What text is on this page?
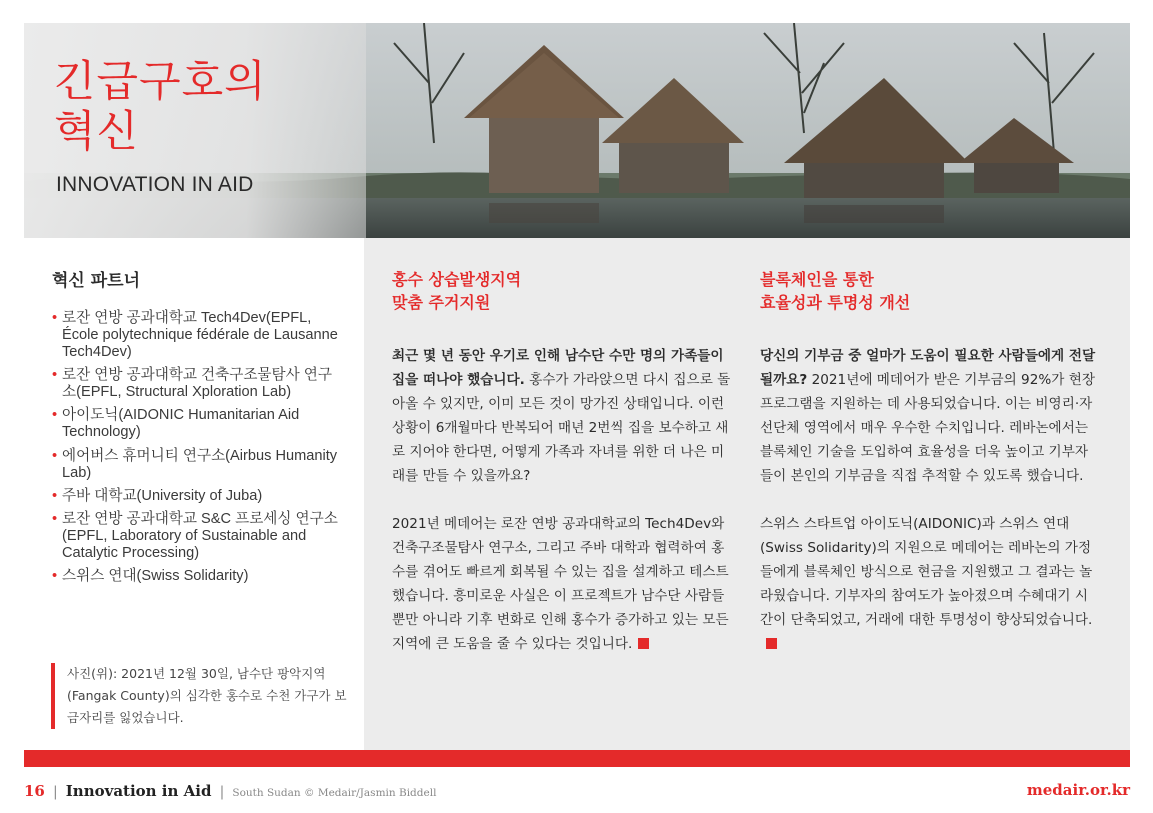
긴급구호의
혁신
INNOVATION IN AID
혁신 파트너
• 로잔 연방 공과대학교 Tech4Dev(EPFL, École polytechnique fédérale de Lausanne Tech4Dev)
• 로잔 연방 공과대학교 건축구조물탐사 연구소(EPFL, Structural Xploration Lab)
• 아이도닉(AIDONIC Humanitarian Aid Technology)
• 에어버스 휴머니티 연구소(Airbus Humanity Lab)
• 주바 대학교(University of Juba)
• 로잔 연방 공과대학교 S&C 프로세싱 연구소(EPFL, Laboratory of Sustainable and Catalytic Processing)
• 스위스 연대(Swiss Solidarity)
사진(위): 2021년 12월 30일, 남수단 팡악지역(Fangak County)의 심각한 홍수로 수천 가구가 보금자리를 잃었습니다.
홍수 상습발생지역
맞춤 주거지원

최근 몇 년 동안 우기로 인해 남수단 수만 명의 가족들이 집을 떠나야 했습니다. 홍수가 가라앉으면 다시 집으로 돌아올 수 있지만, 이미 모든 것이 망가진 상태입니다. 이런 상황이 6개월마다 반복되어 매년 2번씩 집을 보수하고 새로 지어야 한다면, 어떻게 가족과 자녀를 위한 더 나은 미래를 만들 수 있을까요?

2021년 메데어는 로잔 연방 공과대학교의 Tech4Dev와 건축구조물탐사 연구소, 그리고 주바 대학과 협력하여 홍수를 겪어도 빠르게 회복될 수 있는 집을 설계하고 테스트했습니다. 흥미로운 사실은 이 프로젝트가 남수단 사람들뿐만 아니라 기후 변화로 인해 홍수가 증가하고 있는 모든 지역에 큰 도움을 줄 수 있다는 것입니다.

블록체인을 통한
효율성과 투명성 개선

당신의 기부금 중 얼마가 도움이 필요한 사람들에게 전달될까요? 2021년에 메데어가 받은 기부금의 92%가 현장 프로그램을 지원하는 데 사용되었습니다. 이는 비영리·자선단체 영역에서 매우 우수한 수치입니다. 레바논에서는 블록체인 기술을 도입하여 효율성을 더욱 높이고 기부자들이 본인의 기부금을 직접 추적할 수 있도록 했습니다.

스위스 스타트업 아이도닉(AIDONIC)과 스위스 연대(Swiss Solidarity)의 지원으로 메데어는 레바논의 가정들에게 블록체인 방식으로 현금을 지원했고 그 결과는 놀라웠습니다. 기부자의 참여도가 높아졌으며 수혜대기 시간이 단축되었고, 거래에 대한 투명성이 향상되었습니다.

16 | Innovation in Aid | South Sudan © Medair/Jasmin Biddell	medair.or.kr
